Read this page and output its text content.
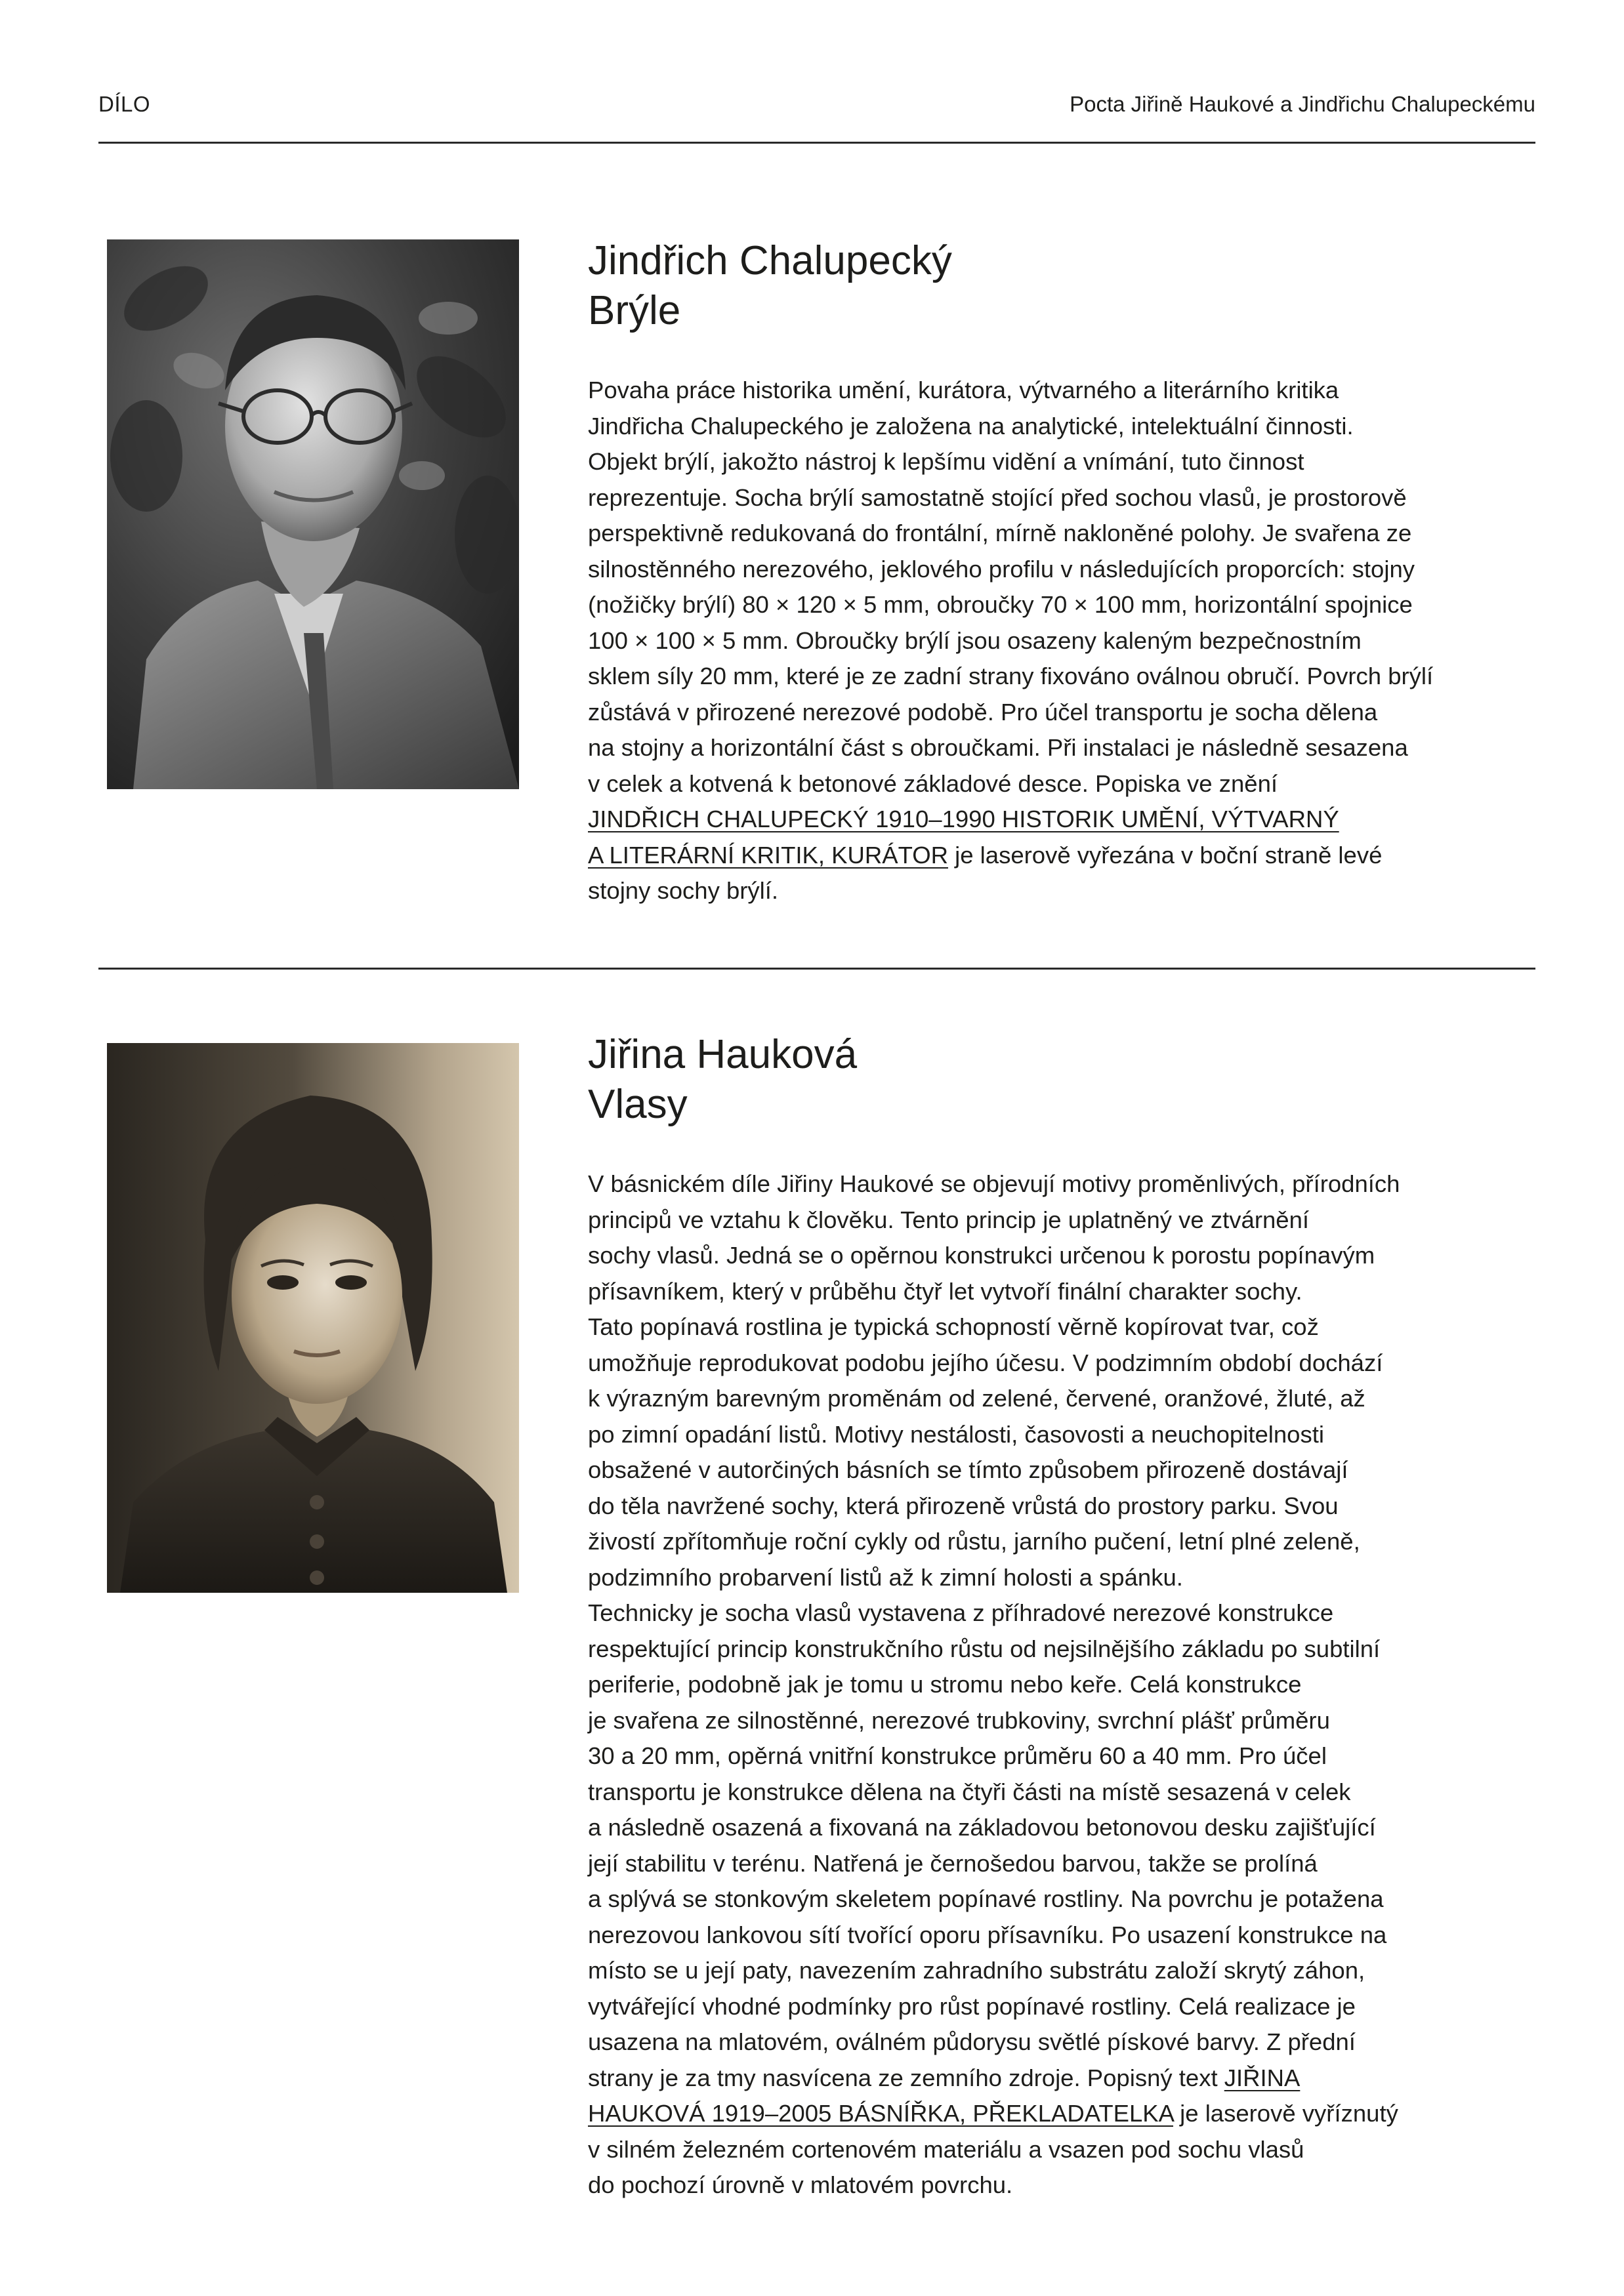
DÍLO	Pocta Jiřině Haukové a Jindřichu Chalupeckému
Jindřich Chalupecký
Brýle

Povaha práce historika umění, kurátora, výtvarného a literárního kritika
Jindřicha Chalupeckého je založena na analytické, intelektuální činnosti.
Objekt brýlí, jakožto nástroj k lepšímu vidění a vnímání, tuto činnost
reprezentuje. Socha brýlí samostatně stojící před sochou vlasů, je prostorově
perspektivně redukovaná do frontální, mírně nakloněné polohy. Je svařena ze
silnostěnného nerezového, jeklového profilu v následujících proporcích: stojny
(nožičky brýlí) 80 × 120 × 5 mm, obroučky 70 × 100 mm, horizontální spojnice
100 × 100 × 5 mm. Obroučky brýlí jsou osazeny kaleným bezpečnostním
sklem síly 20 mm, které je ze zadní strany fixováno oválnou obručí. Povrch brýlí
zůstává v přirozené nerezové podobě. Pro účel transportu je socha dělena
na stojny a horizontální část s obroučkami. Při instalaci je následně sesazena
v celek a kotvená k betonové základové desce. Popiska ve znění
JINDŘICH CHALUPECKÝ 1910–1990 HISTORIK UMĚNÍ, VÝTVARNÝ
A LITERÁRNÍ KRITIK, KURÁTOR je laserově vyřezána v boční straně levé
stojny sochy brýlí.

Jiřina Hauková
Vlasy

V básnickém díle Jiřiny Haukové se objevují motivy proměnlivých, přírodních
principů ve vztahu k člověku. Tento princip je uplatněný ve ztvárnění
sochy vlasů. Jedná se o opěrnou konstrukci určenou k porostu popínavým
přísavníkem, který v průběhu čtyř let vytvoří finální charakter sochy.
Tato popínavá rostlina je typická schopností věrně kopírovat tvar, což
umožňuje reprodukovat podobu jejího účesu. V podzimním období dochází
k výrazným barevným proměnám od zelené, červené, oranžové, žluté, až
po zimní opadání listů. Motivy nestálosti, časovosti a neuchopitelnosti
obsažené v autorčiných básních se tímto způsobem přirozeně dostávají
do těla navržené sochy, která přirozeně vrůstá do prostory parku. Svou
živostí zpřítomňuje roční cykly od růstu, jarního pučení, letní plné zeleně,
podzimního probarvení listů až k zimní holosti a spánku.
Technicky je socha vlasů vystavena z příhradové nerezové konstrukce
respektující princip konstrukčního růstu od nejsilnějšího základu po subtilní
periferie, podobně jak je tomu u stromu nebo keře. Celá konstrukce
je svařena ze silnostěnné, nerezové trubkoviny, svrchní plášť průměru
30 a 20 mm, opěrná vnitřní konstrukce průměru 60 a 40 mm. Pro účel
transportu je konstrukce dělena na čtyři části na místě sesazená v celek
a následně osazená a fixovaná na základovou betonovou desku zajišťující
její stabilitu v terénu. Natřená je černošedou barvou, takže se prolíná
a splývá se stonkovým skeletem popínavé rostliny. Na povrchu je potažena
nerezovou lankovou sítí tvořící oporu přísavníku. Po usazení konstrukce na
místo se u její paty, navezením zahradního substrátu založí skrytý záhon,
vytvářející vhodné podmínky pro růst popínavé rostliny. Celá realizace je
usazena na mlatovém, oválném půdorysu světlé pískové barvy. Z přední
strany je za tmy nasvícena ze zemního zdroje. Popisný text JIŘINA
HAUKOVÁ 1919–2005 BÁSNÍŘKA, PŘEKLADATELKA je laserově vyříznutý
v silném železném cortenovém materiálu a vsazen pod sochu vlasů
do pochozí úrovně v mlatovém povrchu.
